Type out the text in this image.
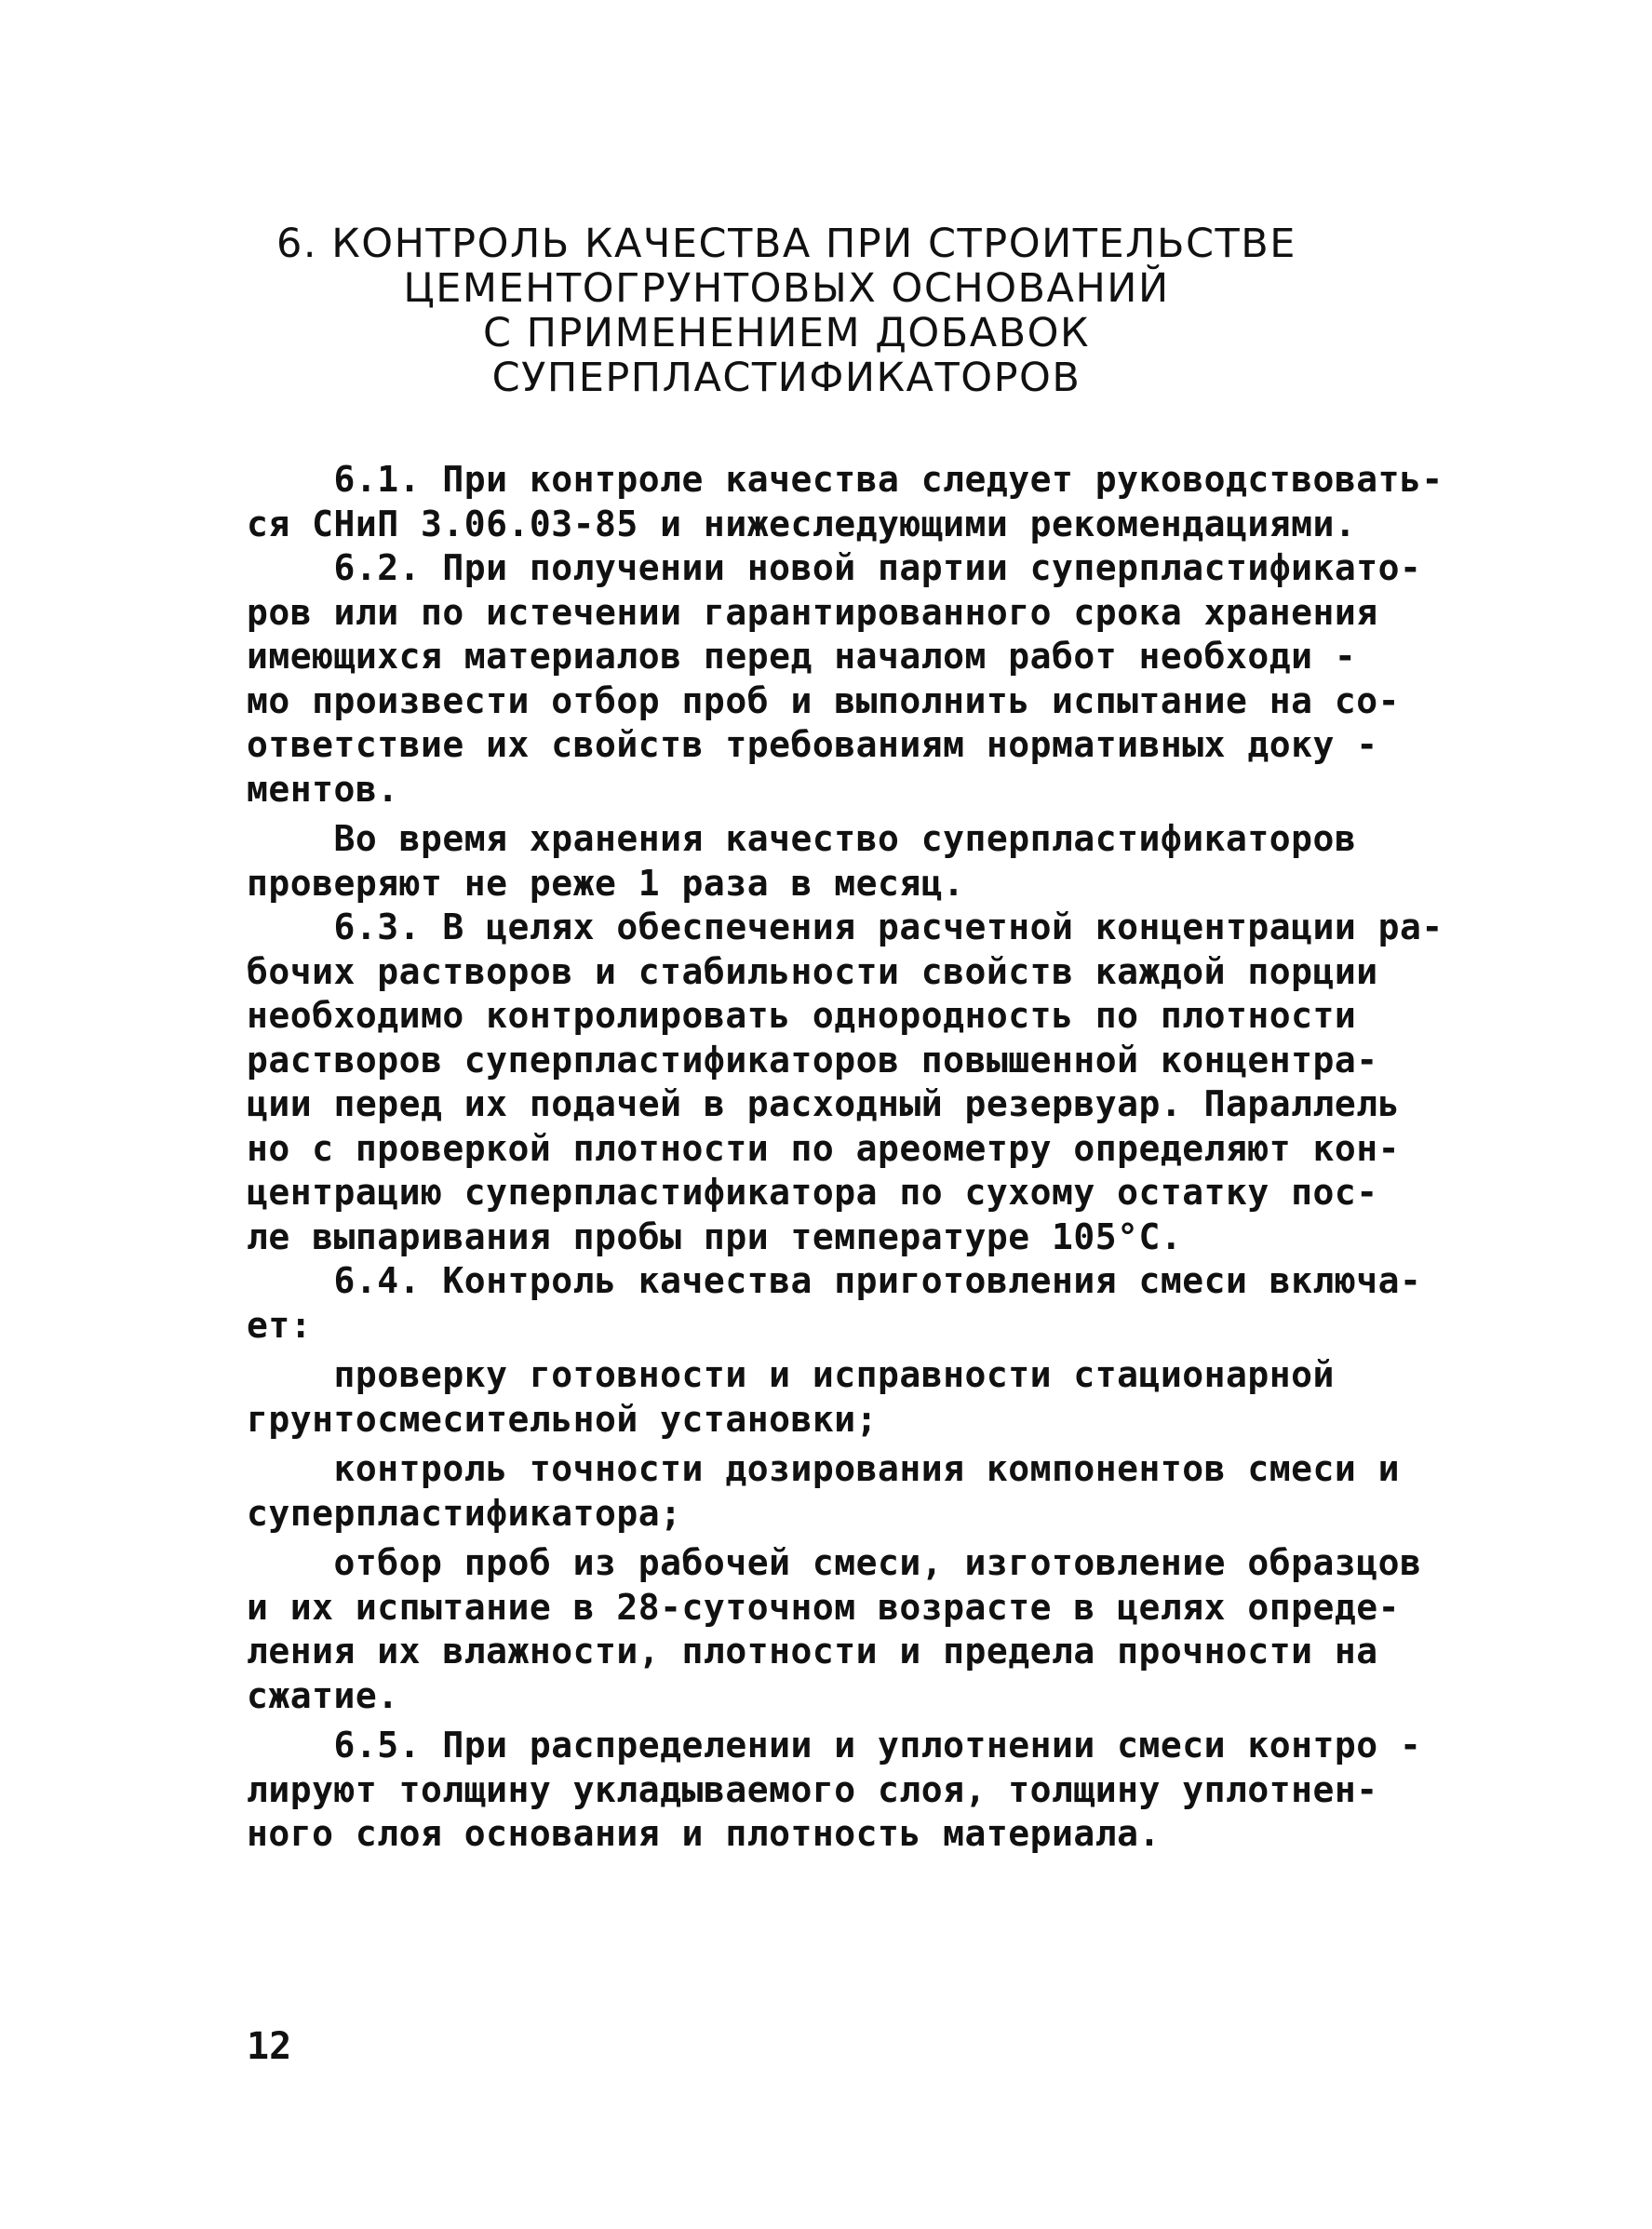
6. КОНТРОЛЬ КАЧЕСТВА ПРИ СТРОИТЕЛЬСТВЕ
ЦЕМЕНТОГРУНТОВЫХ ОСНОВАНИЙ
С ПРИМЕНЕНИЕМ ДОБАВОК
СУПЕРПЛАСТИФИКАТОРОВ
6.1. При контроле качества следует руководствовать-
ся СНиП 3.06.03-85 и нижеследующими рекомендациями.
6.2. При получении новой партии суперпластификато-
ров или по истечении гарантированного срока хранения
имеющихся материалов перед началом работ необходи -
мо произвести отбор проб и выполнить испытание на со-
ответствие их свойств требованиям нормативных доку -
ментов.
Во время хранения качество суперпластификаторов
проверяют не реже 1 раза в месяц.
6.3. В целях обеспечения расчетной концентрации ра-
бочих растворов и стабильности свойств каждой порции
необходимо контролировать однородность по плотности
растворов суперпластификаторов повышенной концентра-
ции перед их подачей в расходный резервуар. Параллель
но с проверкой плотности по ареометру определяют кон-
центрацию суперпластификатора по сухому остатку пос-
ле выпаривания пробы при температуре 105°С.
6.4. Контроль качества приготовления смеси включа-
ет:
проверку готовности и исправности стационарной
грунтосмесительной установки;
контроль точности дозирования компонентов смеси и
суперпластификатора;
отбор проб из рабочей смеси, изготовление образцов
и их испытание в 28-суточном возрасте в целях опреде-
ления их влажности, плотности и предела прочности на
сжатие.
6.5. При распределении и уплотнении смеси контро -
лируют толщину укладываемого слоя, толщину уплотнен-
ного слоя основания и плотность материала.
12
